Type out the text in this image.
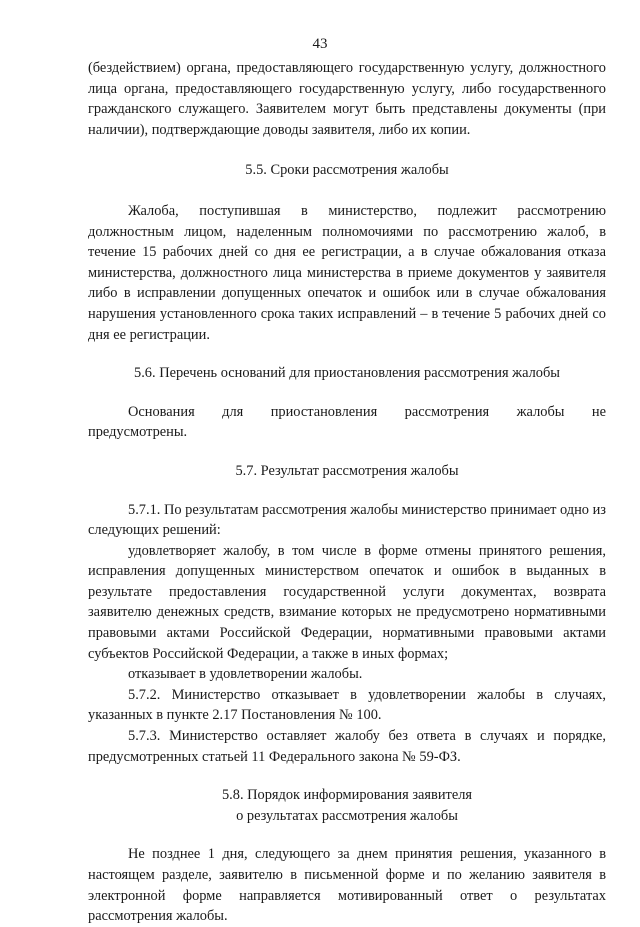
43

(бездействием) органа, предоставляющего государственную услугу, должностного лица органа, предоставляющего государственную услугу, либо государственного гражданского служащего. Заявителем могут быть представлены документы (при наличии), подтверждающие доводы заявителя, либо их копии.

5.5. Сроки рассмотрения жалобы

Жалоба, поступившая в министерство, подлежит рассмотрению должностным лицом, наделенным полномочиями по рассмотрению жалоб, в течение 15 рабочих дней со дня ее регистрации, а в случае обжалования отказа министерства, должностного лица министерства в приеме документов у заявителя либо в исправлении допущенных опечаток и ошибок или в случае обжалования нарушения установленного срока таких исправлений – в течение 5 рабочих дней со дня ее регистрации.

5.6. Перечень оснований для приостановления рассмотрения жалобы

Основания для приостановления рассмотрения жалобы не

предусмотрены.

5.7. Результат рассмотрения жалобы

5.7.1. По результатам рассмотрения жалобы министерство принимает одно из следующих решений:

удовлетворяет жалобу, в том числе в форме отмены принятого решения, исправления допущенных министерством опечаток и ошибок в выданных в результате предоставления государственной услуги документах, возврата заявителю денежных средств, взимание которых не предусмотрено нормативными правовыми актами Российской Федерации, нормативными правовыми актами субъектов Российской Федерации, а также в иных формах;

отказывает в удовлетворении жалобы.

5.7.2. Министерство отказывает в удовлетворении жалобы в случаях, указанных в пункте 2.17 Постановления № 100.

5.7.3. Министерство оставляет жалобу без ответа в случаях и порядке, предусмотренных статьей 11 Федерального закона № 59-ФЗ.

5.8. Порядок информирования заявителя

о результатах рассмотрения жалобы

Не позднее 1 дня, следующего за днем принятия решения, указанного в настоящем разделе, заявителю в письменной форме и по желанию заявителя в электронной форме направляется мотивированный ответ о результатах рассмотрения жалобы.
